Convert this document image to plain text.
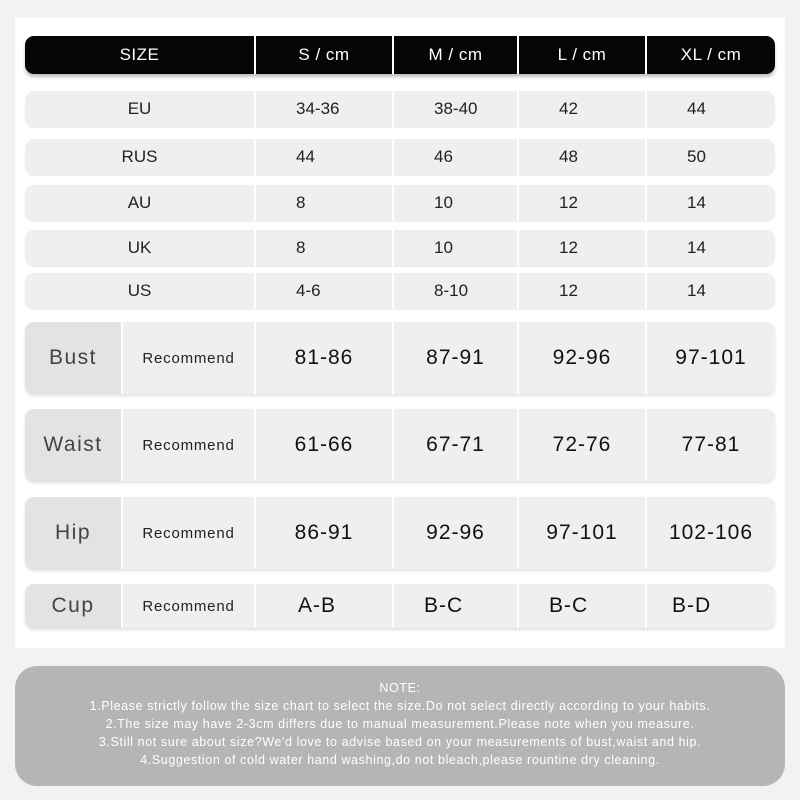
SIZE	S / cm	M / cm	L / cm	XL / cm
EU	34-36	38-40	42	44
RUS	44	46	48	50
AU	8	10	12	14
UK	8	10	12	14
US	4-6	8-10	12	14
Bust	Recommend	81-86	87-91	92-96	97-101
Waist	Recommend	61-66	67-71	72-76	77-81
Hip	Recommend	86-91	92-96	97-101	102-106
Cup	Recommend	A-B	B-C	B-C	B-D
NOTE:
1.Please strictly follow the size chart to select the size.Do not select directly according to your habits.
2.The size may have 2-3cm differs due to manual measurement.Please note when you measure.
3.Still not sure about size?We'd love to advise based on your measurements of bust,waist and hip.
4.Suggestion of cold water hand washing,do not bleach,please rountine dry cleaning.
